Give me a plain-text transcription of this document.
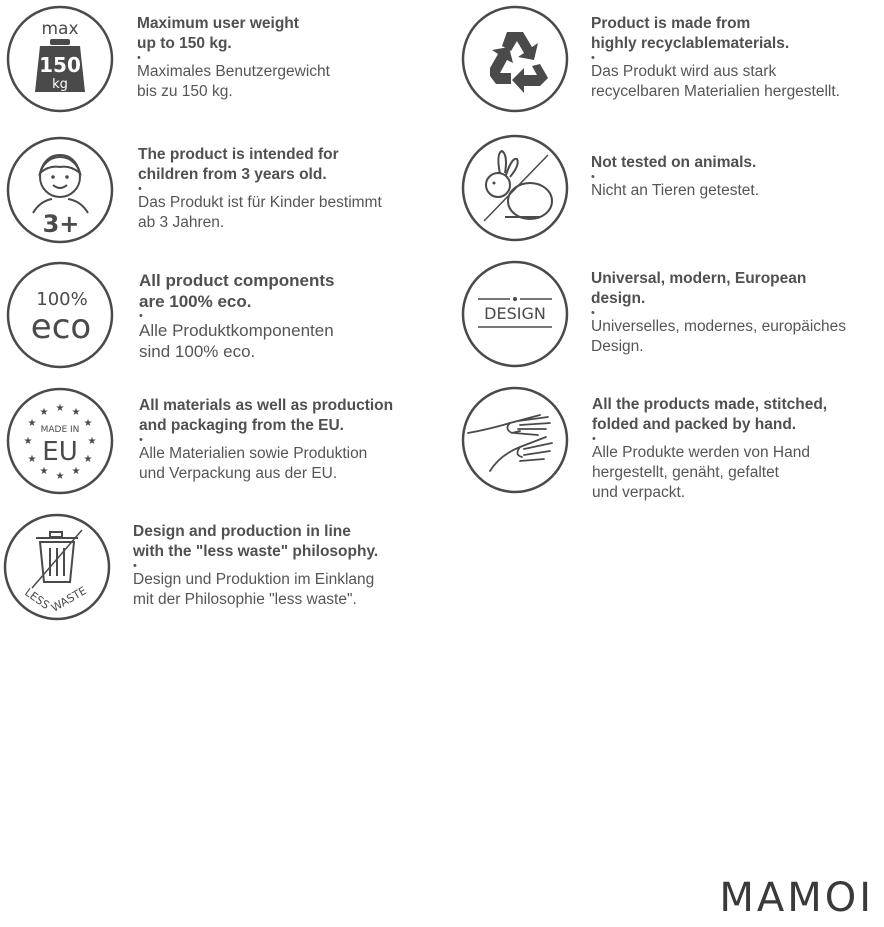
max
150
kg
Maximum user weight
up to 150 kg.
•
Maximales Benutzergewicht
bis zu 150 kg.
Product is made from
highly recyclablematerials.
•
Das Produkt wird aus stark
recycelbaren Materialien hergestellt.
3+
The product is intended for
children from 3 years old.
•
Das Produkt ist für Kinder bestimmt
ab 3 Jahren.
Not tested on animals.
•
Nicht an Tieren getestet.
100%
eco
All product components
are 100% eco.
•
Alle Produktkomponenten
sind 100% eco.
DESIGN
Universal, modern, European
design.
•
Universelles, modernes, europäiches
Design.
★ ★
★
★
★
★
★
★
★
★
★
★
MADE IN
EU
All materials as well as production
and packaging from the EU.
•
Alle Materialien sowie Produktion
und Verpackung aus der EU.
All the products made, stitched,
folded and packed by hand.
•
Alle Produkte werden von Hand
hergestellt, genäht, gefaltet
und verpackt.
LESS
WASTE
Design and production in line
with the "less waste" philosophy.
•
Design und Produktion im Einklang
mit der Philosophie "less waste".
MAMOI
